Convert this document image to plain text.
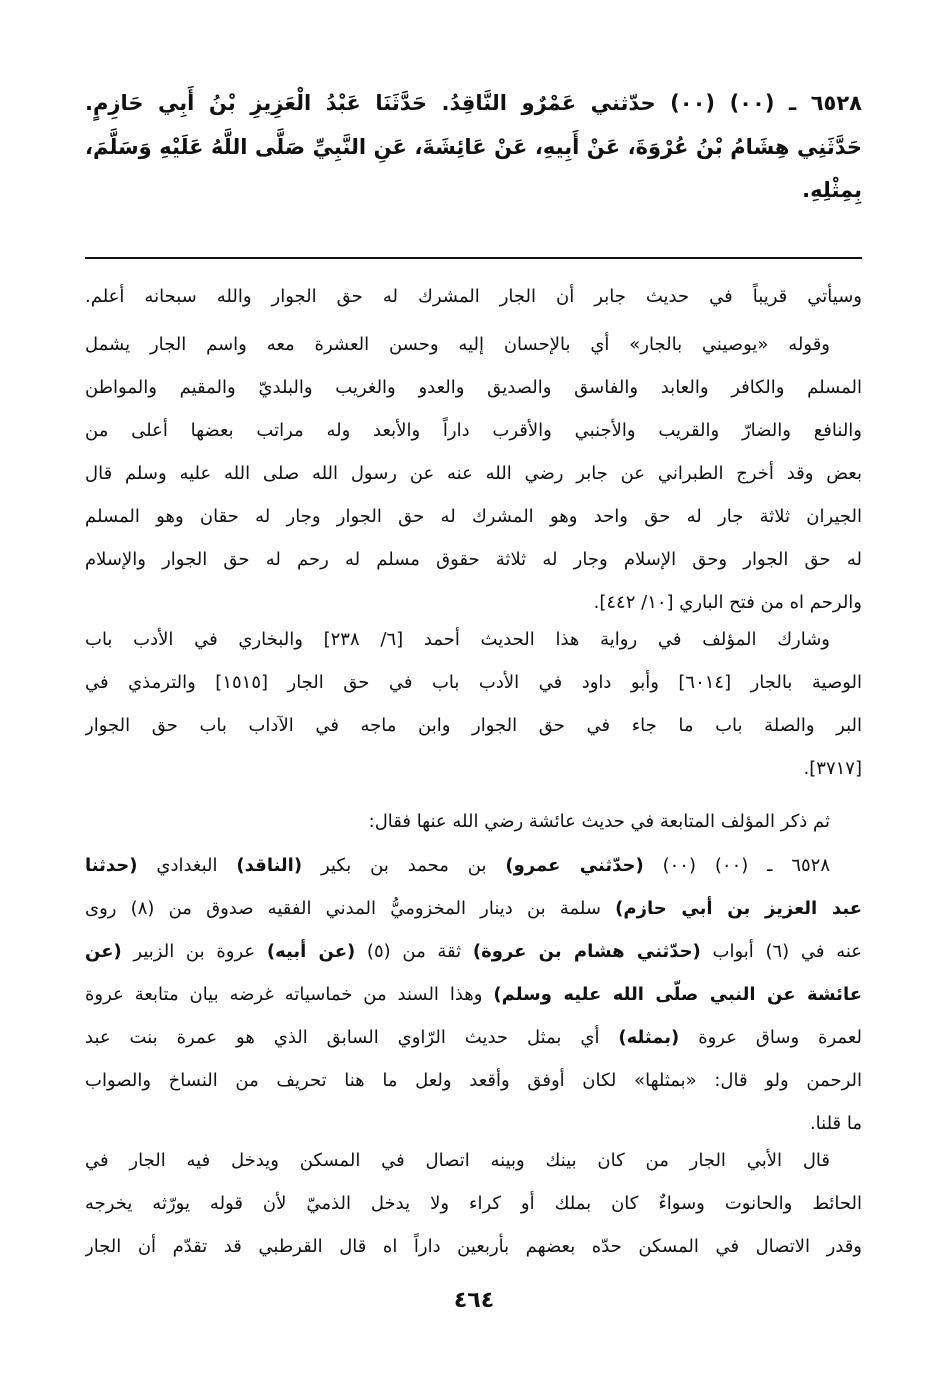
٤٦٤
٦٥٢٨ ـ (٠٠) (٠٠) حدّثني عَمْرٌو النَّاقِدُ. حَدَّثَنَا عَبْدُ الْعَزِيزِ بْنُ أَبِي حَازِمٍ.
حَدَّثَنِي هِشَامُ بْنُ عُرْوَةَ، عَنْ أَبِيهِ، عَنْ عَائِشَةَ، عَنِ النَّبِيِّ صَلَّى اللَّهُ عَلَيْهِ وَسَلَّمَ،
بِمِثْلِهِ.
وسيأتي قريباً في حديث جابر أن الجار المشرك له حق الجوار والله سبحانه أعلم.
وقوله «يوصيني بالجار» أي بالإحسان إليه وحسن العشرة معه واسم الجار يشمل
المسلم والكافر والعابد والفاسق والصديق والعدو والغريب والبلديّ والمقيم والمواطن
والنافع والضارّ والقريب والأجنبي والأقرب داراً والأبعد وله مراتب بعضها أعلى من
بعض وقد أخرج الطبراني عن جابر رضي الله عنه عن رسول الله صلى الله عليه وسلم قال
الجيران ثلاثة جار له حق واحد وهو المشرك له حق الجوار وجار له حقان وهو المسلم
له حق الجوار وحق الإسلام وجار له ثلاثة حقوق مسلم له رحم له حق الجوار والإسلام
والرحم اه من فتح الباري [١٠/ ٤٤٢].
وشارك المؤلف في رواية هذا الحديث أحمد [٦/ ٢٣٨] والبخاري في الأدب باب
الوصية بالجار [٦٠١٤] وأبو داود في الأدب باب في حق الجار [١٥١٥] والترمذي في
البر والصلة باب ما جاء في حق الجوار وابن ماجه في الآداب باب حق الجوار
[٣٧١٧].
ثم ذكر المؤلف المتابعة في حديث عائشة رضي الله عنها فقال:
٦٥٢٨ ـ (٠٠) (٠٠) (حدّثني عمرو) بن محمد بن بكير (الناقد) البغدادي (حدثنا
عبد العزيز بن أبي حازم) سلمة بن دينار المخزوميُّ المدني الفقيه صدوق من (٨) روى
عنه في (٦) أبواب (حدّثني هشام بن عروة) ثقة من (٥) (عن أبيه) عروة بن الزبير (عن
عائشة عن النبي صلّى الله عليه وسلم) وهذا السند من خماسياته غرضه بيان متابعة عروة
لعمرة وساق عروة (بمثله) أي بمثل حديث الرّاوي السابق الذي هو عمرة بنت عبد
الرحمن ولو قال: «بمثلها» لكان أوفق وأقعد ولعل ما هنا تحريف من النساخ والصواب
ما قلنا.
قال الأبي الجار من كان بينك وبينه اتصال في المسكن ويدخل فيه الجار في
الحائط والحانوت وسواءٌ كان بملك أو كراء ولا يدخل الذميّ لأن قوله يورّثه يخرجه
وقدر الاتصال في المسكن حدّه بعضهم بأربعين داراً اه قال القرطبي قد تقدّم أن الجار
